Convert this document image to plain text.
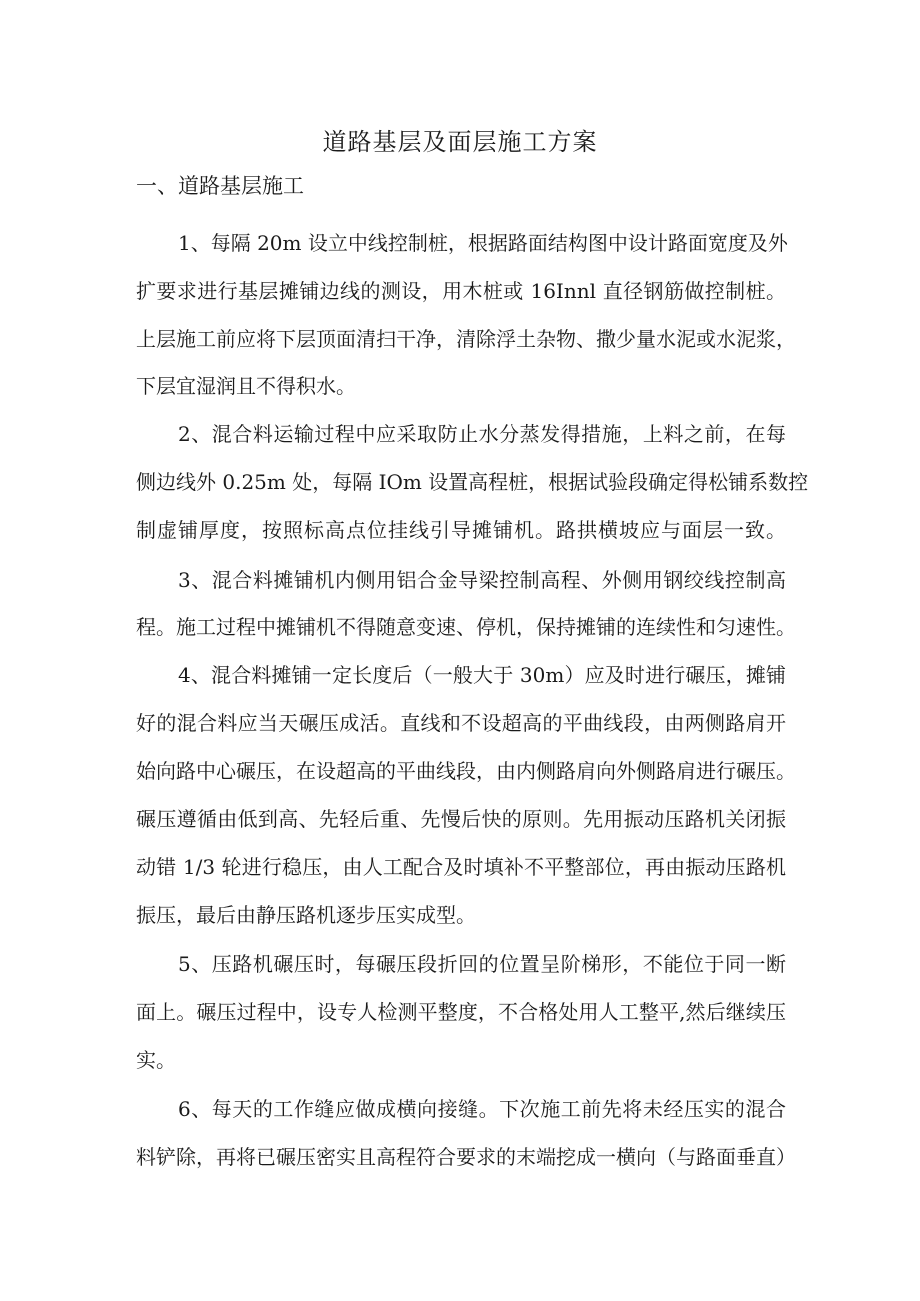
道路基层及面层施工方案
一、道路基层施工
1、每隔 20m 设立中线控制桩，根据路面结构图中设计路面宽度及外
扩要求进行基层摊铺边线的测设，用木桩或 16Innl 直径钢筋做控制桩。
上层施工前应将下层顶面清扫干净，清除浮土杂物、撒少量水泥或水泥浆，
下层宜湿润且不得积水。
2、混合料运输过程中应采取防止水分蒸发得措施，上料之前，在每
侧边线外 0.25m 处，每隔 IOm 设置高程桩，根据试验段确定得松铺系数控
制虚铺厚度，按照标高点位挂线引导摊铺机。路拱横坡应与面层一致。
3、混合料摊铺机内侧用铝合金导梁控制高程、外侧用钢绞线控制高
程。施工过程中摊铺机不得随意变速、停机，保持摊铺的连续性和匀速性。
4、混合料摊铺一定长度后（一般大于 30m）应及时进行碾压，摊铺
好的混合料应当天碾压成活。直线和不设超高的平曲线段，由两侧路肩开
始向路中心碾压，在设超高的平曲线段，由内侧路肩向外侧路肩进行碾压。
碾压遵循由低到高、先轻后重、先慢后快的原则。先用振动压路机关闭振
动错 1/3 轮进行稳压，由人工配合及时填补不平整部位，再由振动压路机
振压，最后由静压路机逐步压实成型。
5、压路机碾压时，每碾压段折回的位置呈阶梯形，不能位于同一断
面上。碾压过程中，设专人检测平整度，不合格处用人工整平,然后继续压
实。
6、每天的工作缝应做成横向接缝。下次施工前先将未经压实的混合
料铲除，再将已碾压密实且高程符合要求的末端挖成一横向（与路面垂直）
